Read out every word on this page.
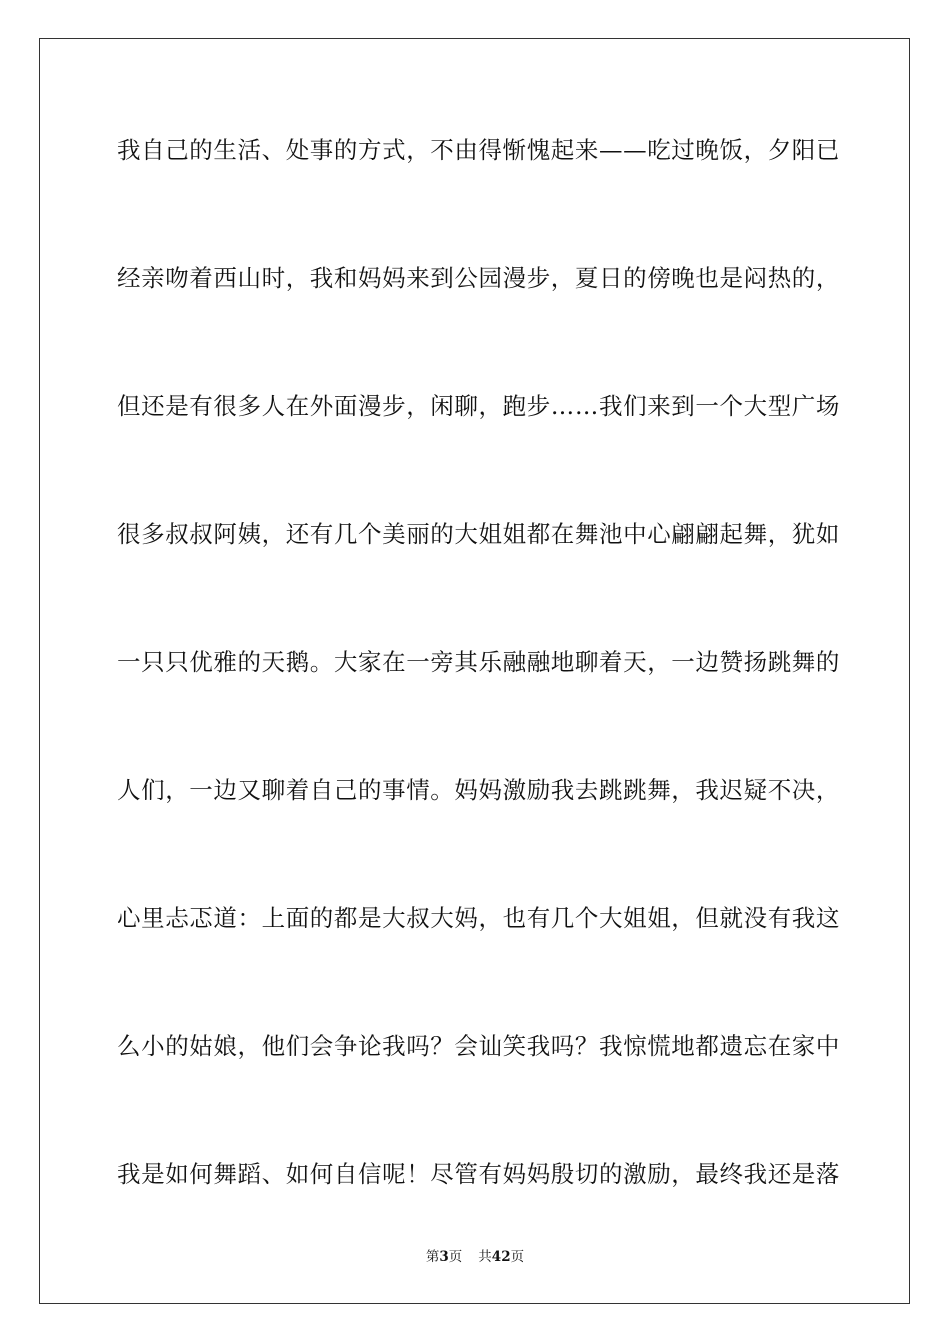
我自己的生活、处事的方式，不由得惭愧起来——吃过晚饭，夕阳已
经亲吻着西山时，我和妈妈来到公园漫步，夏日的傍晚也是闷热的，
但还是有很多人在外面漫步，闲聊，跑步……我们来到一个大型广场
很多叔叔阿姨，还有几个美丽的大姐姐都在舞池中心翩翩起舞，犹如
一只只优雅的天鹅。大家在一旁其乐融融地聊着天，一边赞扬跳舞的
人们，一边又聊着自己的事情。妈妈激励我去跳跳舞，我迟疑不决，
心里忐忑道：上面的都是大叔大妈，也有几个大姐姐，但就没有我这
么小的姑娘，他们会争论我吗？会讪笑我吗？我惊慌地都遗忘在家中
我是如何舞蹈、如何自信呢！尽管有妈妈殷切的激励，最终我还是落
第3页 共42页
